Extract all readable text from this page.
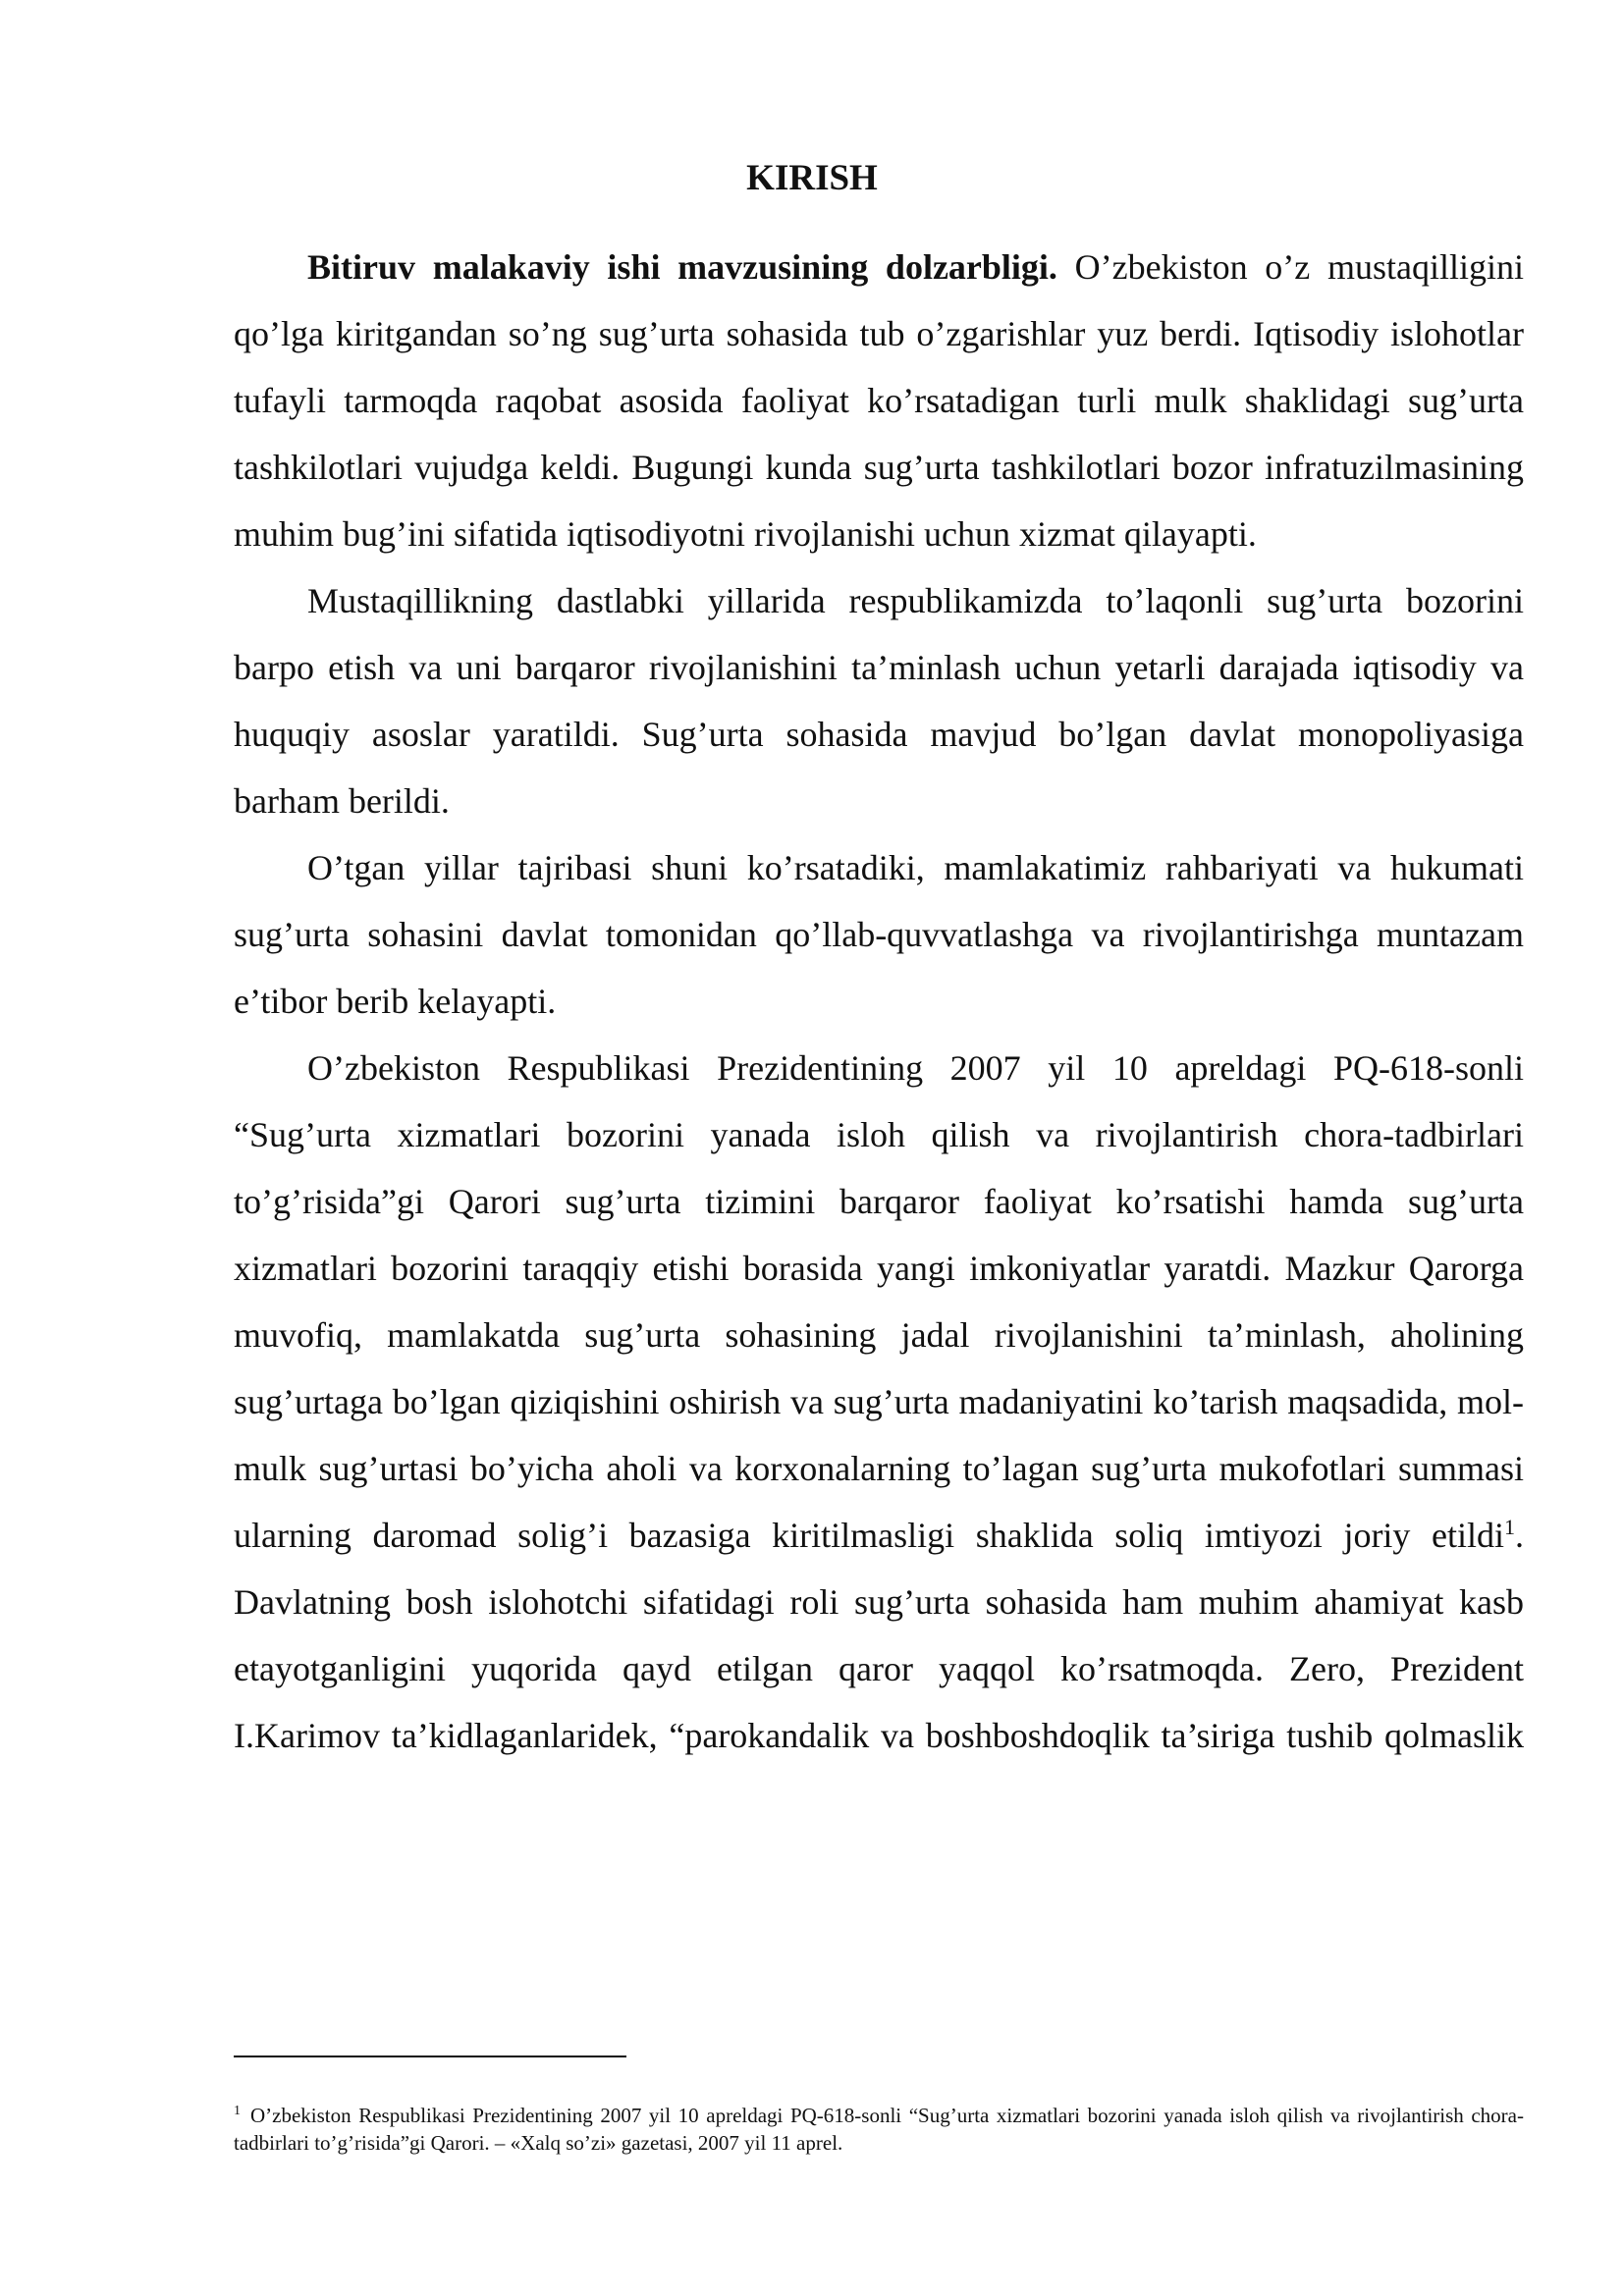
KIRISH

Bitiruv malakaviy ishi mavzusining dolzarbligi. O’zbekiston o’z mustaqilligini qo’lga kiritgandan so’ng sug’urta sohasida tub o’zgarishlar yuz berdi. Iqtisodiy islohotlar tufayli tarmoqda raqobat asosida faoliyat ko’rsatadigan turli mulk shaklidagi sug’urta tashkilotlari vujudga keldi. Bugungi kunda sug’urta tashkilotlari bozor infratuzilmasining muhim bug’ini sifatida iqtisodiyotni rivojlanishi uchun xizmat qilayapti.

Mustaqillikning dastlabki yillarida respublikamizda to’laqonli sug’urta bozorini barpo etish va uni barqaror rivojlanishini ta’minlash uchun yetarli darajada iqtisodiy va huquqiy asoslar yaratildi. Sug’urta sohasida mavjud bo’lgan davlat monopoliyasiga barham berildi.

O’tgan yillar tajribasi shuni ko’rsatadiki, mamlakatimiz rahbariyati va hukumati sug’urta sohasini davlat tomonidan qo’llab-quvvatlashga va rivojlantirishga muntazam e’tibor berib kelayapti.

O’zbekiston Respublikasi Prezidentining 2007 yil 10 apreldagi PQ-618-sonli “Sug’urta xizmatlari bozorini yanada isloh qilish va rivojlantirish chora-tadbirlari to’g’risida”gi Qarori sug’urta tizimini barqaror faoliyat ko’rsatishi hamda sug’urta xizmatlari bozorini taraqqiy etishi borasida yangi imkoniyatlar yaratdi. Mazkur Qarorga muvofiq, mamlakatda sug’urta sohasining jadal rivojlanishini ta’minlash, aholining sug’urtaga bo’lgan qiziqishini oshirish va sug’urta madaniyatini ko’tarish maqsadida, mol-mulk sug’urtasi bo’yicha aholi va korxonalarning to’lagan sug’urta mukofotlari summasi ularning daromad solig’i bazasiga kiritilmasligi shaklida soliq imtiyozi joriy etildi$^1$. Davlatning bosh islohotchi sifatidagi roli sug’urta sohasida ham muhim ahamiyat kasb etayotganligini yuqorida qayd etilgan qaror yaqqol ko’rsatmoqda. Zero, Prezident I.Karimov ta’kidlaganlaridek, “parokandalik va boshboshdoqlik ta’siriga tushib qolmaslik

$^1$ O’zbekiston Respublikasi Prezidentining 2007 yil 10 apreldagi PQ-618-sonli “Sug’urta xizmatlari bozorini yanada isloh qilish va rivojlantirish chora-tadbirlari to’g’risida”gi Qarori. – «Xalq so’zi» gazetasi, 2007 yil 11 aprel.
